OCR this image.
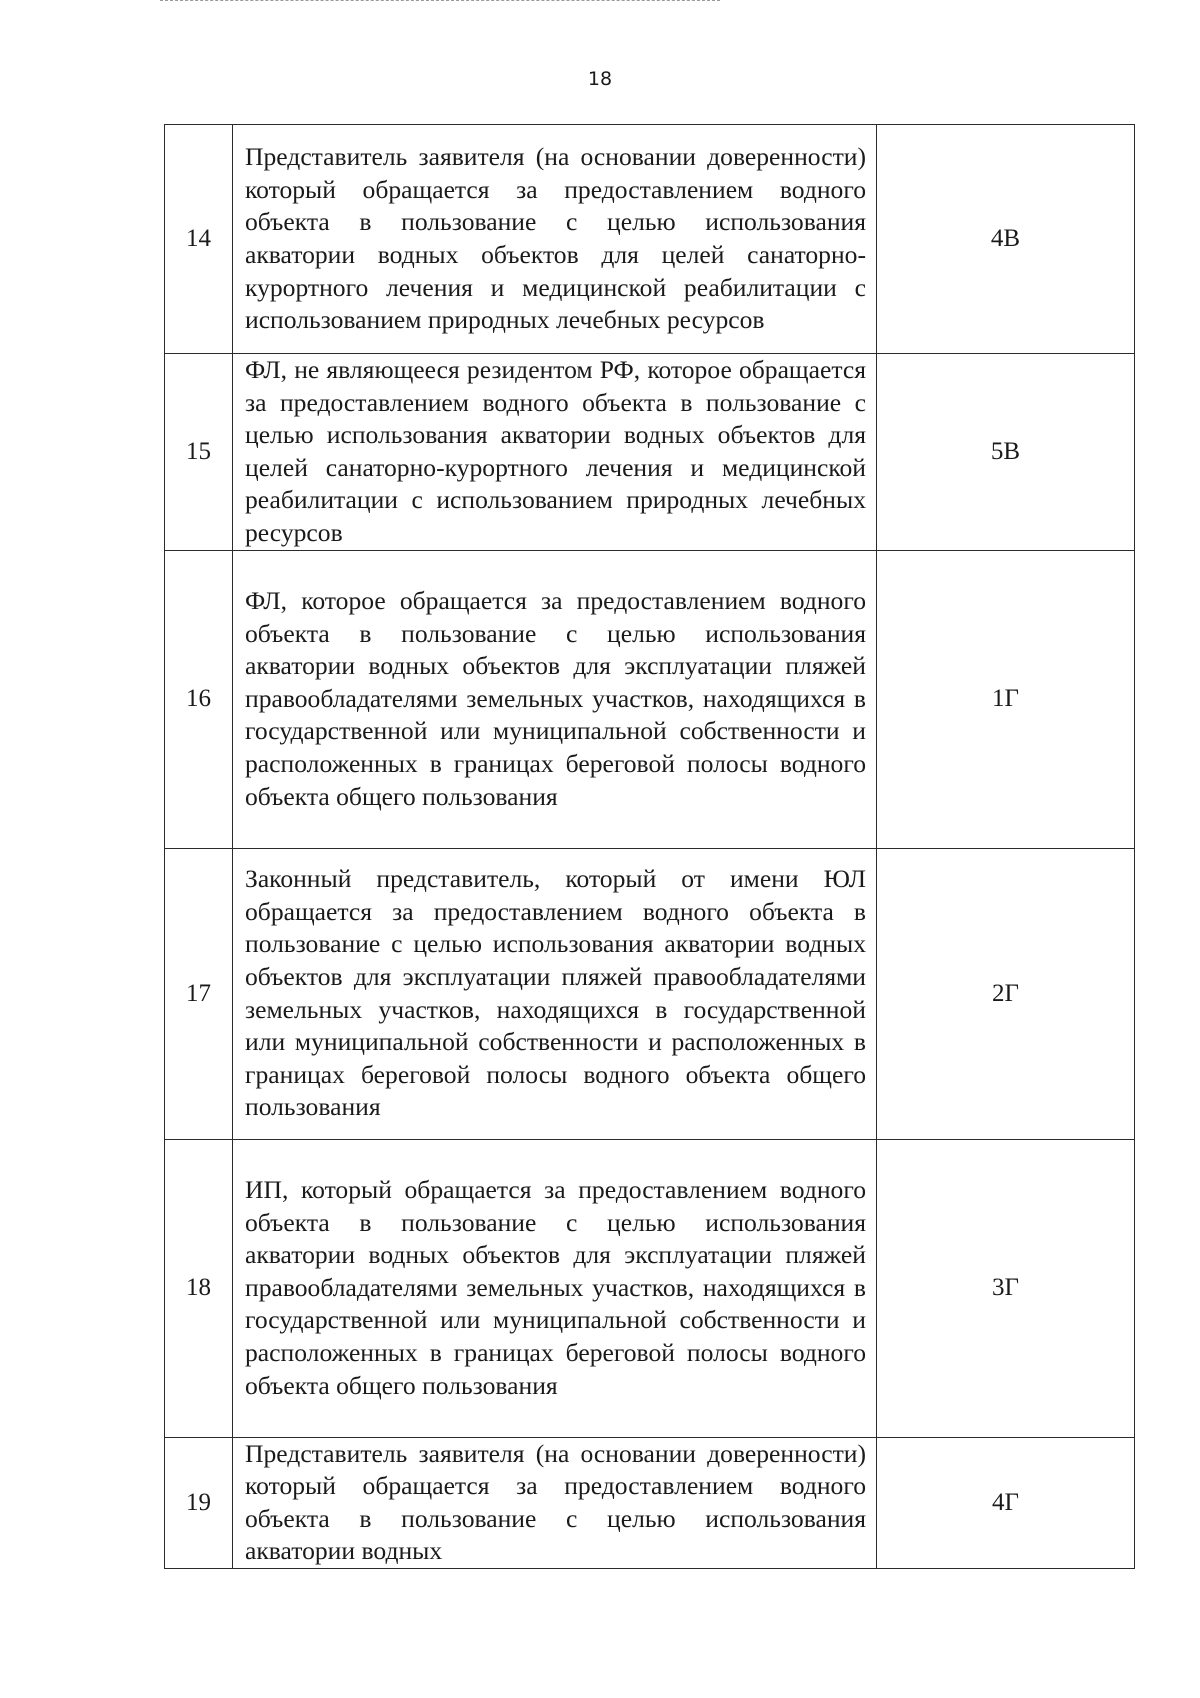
18
14	Представитель заявителя (на основании доверенности) который обращается за предоставлением водного объекта в пользование с целью использования акватории водных объектов для целей санаторно-курортного лечения и медицинской реабилитации с использованием природных лечебных ресурсов	4В
15	ФЛ, не являющееся резидентом РФ, которое обращается за предоставлением водного объекта в пользование с целью использования акватории водных объектов для целей санаторно-курортного лечения и медицинской реабилитации с использованием природных лечебных ресурсов	5В
16	ФЛ, которое обращается за предоставлением водного объекта в пользование с целью использования акватории водных объектов для эксплуатации пляжей правообладателями земельных участков, находящихся в государственной или муниципальной собственности и расположенных в границах береговой полосы водного объекта общего пользования	1Г
17	Законный представитель, который от имени ЮЛ обращается за предоставлением водного объекта в пользование с целью использования акватории водных объектов для эксплуатации пляжей правообладателями земельных участков, находящихся в государственной или муниципальной собственности и расположенных в границах береговой полосы водного объекта общего пользования	2Г
18	ИП, который обращается за предоставлением водного объекта в пользование с целью использования акватории водных объектов для эксплуатации пляжей правообладателями земельных участков, находящихся в государственной или муниципальной собственности и расположенных в границах береговой полосы водного объекта общего пользования	3Г
19	Представитель заявителя (на основании доверенности) который обращается за предоставлением водного объекта в пользование с целью использования акватории водных	4Г
